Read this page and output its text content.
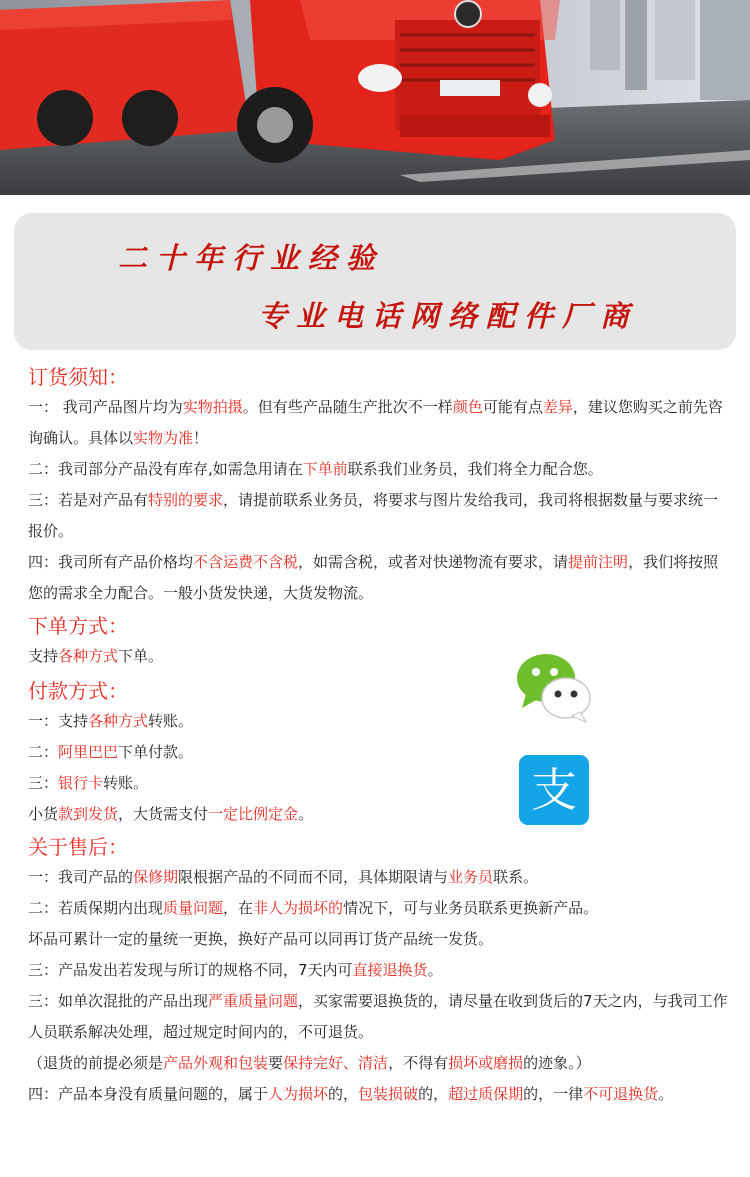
二十年行业经验
专业电话网络配件厂商
支
订货须知：

一： 我司产品图片均为实物拍摄。但有些产品随生产批次不一样颜色可能有点差异，建议您购买之前先咨询确认。具体以实物为准！

二：我司部分产品没有库存,如需急用请在下单前联系我们业务员，我们将全力配合您。

三：若是对产品有特别的要求，请提前联系业务员，将要求与图片发给我司，我司将根据数量与要求统一报价。

四：我司所有产品价格均不含运费不含税，如需含税，或者对快递物流有要求，请提前注明，我们将按照您的需求全力配合。一般小货发快递，大货发物流。

下单方式：

支持各种方式下单。

付款方式：

一：支持各种方式转账。

二：阿里巴巴下单付款。

三：银行卡转账。

小货款到发货，大货需支付一定比例定金。

关于售后：

一：我司产品的保修期限根据产品的不同而不同，具体期限请与业务员联系。

二：若质保期内出现质量问题，在非人为损坏的情况下，可与业务员联系更换新产品。

坏品可累计一定的量统一更换，换好产品可以同再订货产品统一发货。

三：产品发出若发现与所订的规格不同，7天内可直接退换货。

三：如单次混批的产品出现严重质量问题，买家需要退换货的，请尽量在收到货后的7天之内，与我司工作人员联系解决处理，超过规定时间内的，不可退货。

（退货的前提必须是产品外观和包装要保持完好、清洁，不得有损坏或磨损的迹象。）

四：产品本身没有质量问题的，属于人为损坏的，包装损破的，超过质保期的，一律不可退换货。
